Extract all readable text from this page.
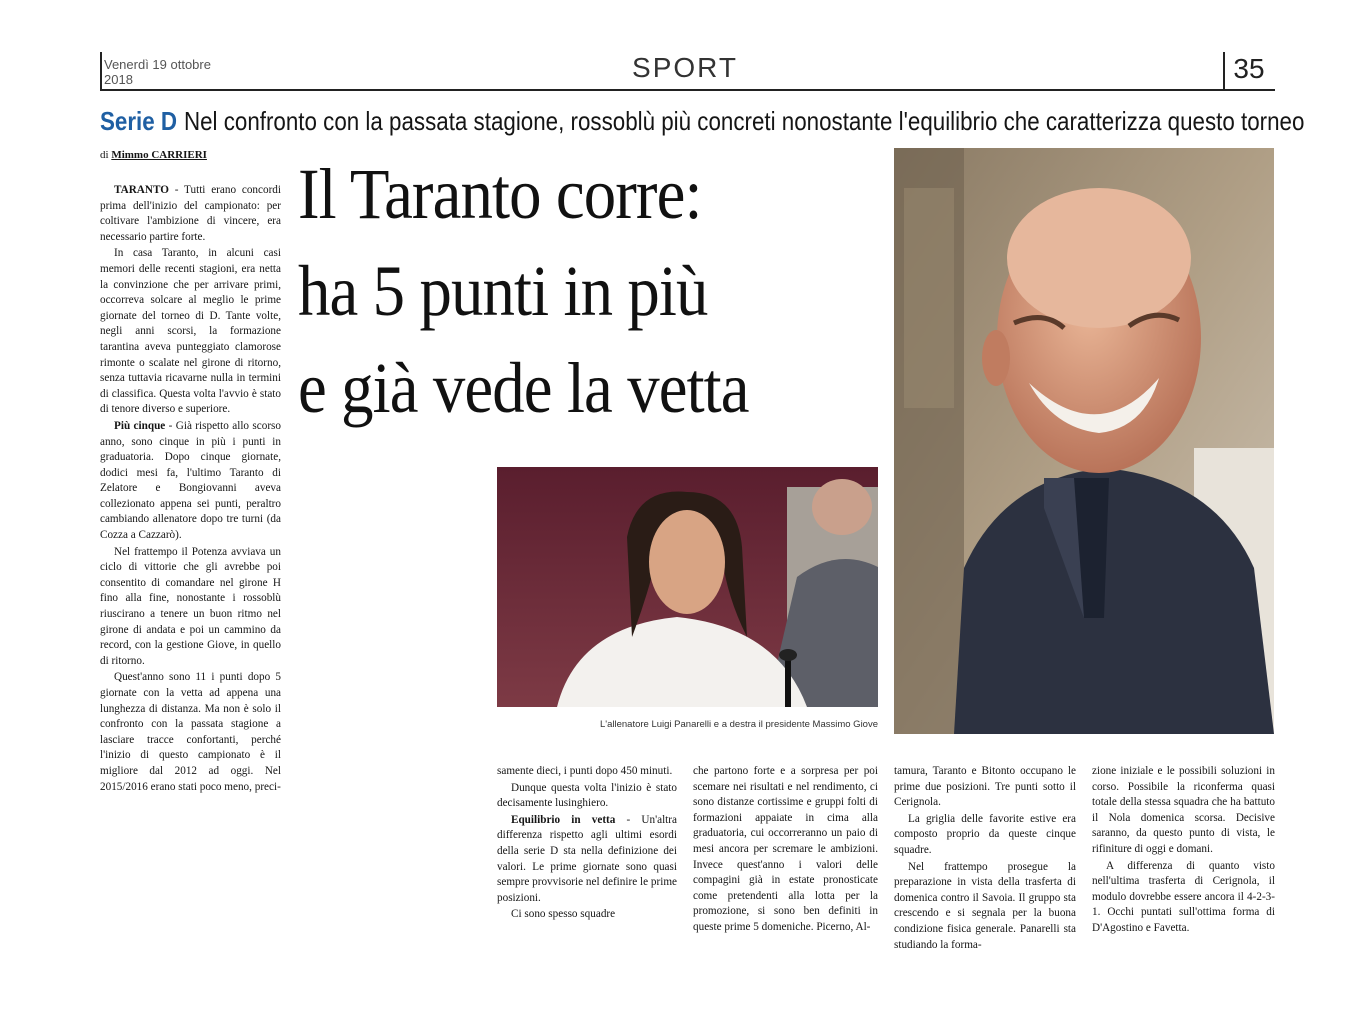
Venerdì 19 ottobre
2018	SPORT	35
Serie D Nel confronto con la passata stagione, rossoblù più concreti nonostante l'equilibrio che caratterizza questo torneo
di Mimmo CARRIERI Il Taranto corre:
ha 5 punti in più
e già vede la vetta

TARANTO - Tutti erano concordi prima dell'inizio del campionato: per coltivare l'ambizione di vincere, era necessario partire forte.

In casa Taranto, in alcuni casi memori delle recenti stagioni, era netta la convinzione che per arrivare primi, occorreva solcare al meglio le prime giornate del torneo di D. Tante volte, negli anni scorsi, la formazione tarantina aveva punteggiato clamorose rimonte o scalate nel girone di ritorno, senza tuttavia ricavarne nulla in termini di classifica. Questa volta l'avvio è stato di tenore diverso e superiore.

Più cinque - Già rispetto allo scorso anno, sono cinque in più i punti in graduatoria. Dopo cinque giornate, dodici mesi fa, l'ultimo Taranto di Zelatore e Bongiovanni aveva collezionato appena sei punti, peraltro cambiando allenatore dopo tre turni (da Cozza a Cazzarò).

Nel frattempo il Potenza avviava un ciclo di vittorie che gli avrebbe poi consentito di comandare nel girone H fino alla fine, nonostante i rossoblù riuscirano a tenere un buon ritmo nel girone di andata e poi un cammino da record, con la gestione Giove, in quello di ritorno.

Quest'anno sono 11 i punti dopo 5 giornate con la vetta ad appena una lunghezza di distanza. Ma non è solo il confronto con la passata stagione a lasciare tracce confortanti, perché l'inizio di questo campionato è il migliore dal 2012 ad oggi. Nel 2015/2016 erano stati poco meno, preci-

L'allenatore Luigi Panarelli e a destra il presidente Massimo Giove

samente dieci, i punti dopo 450 minuti.

Dunque questa volta l'inizio è stato decisamente lusinghiero.

Equilibrio in vetta - Un'altra differenza rispetto agli ultimi esordi della serie D sta nella definizione dei valori. Le prime giornate sono quasi sempre provvisorie nel definire le prime posizioni.

Ci sono spesso squadre

che partono forte e a sorpresa per poi scemare nei risultati e nel rendimento, ci sono distanze cortissime e gruppi folti di formazioni appaiate in cima alla graduatoria, cui occorreranno un paio di mesi ancora per scremare le ambizioni. Invece quest'anno i valori delle compagini già in estate pronosticate come pretendenti alla lotta per la promozione, si sono ben definiti in queste prime 5 domeniche. Picerno, Al-

tamura, Taranto e Bitonto occupano le prime due posizioni. Tre punti sotto il Cerignola.

La griglia delle favorite estive era composto proprio da queste cinque squadre.

Nel frattempo prosegue la preparazione in vista della trasferta di domenica contro il Savoia. Il gruppo sta crescendo e si segnala per la buona condizione fisica generale. Panarelli sta studiando la forma-

zione iniziale e le possibili soluzioni in corso. Possibile la riconferma quasi totale della stessa squadra che ha battuto il Nola domenica scorsa. Decisive saranno, da questo punto di vista, le rifiniture di oggi e domani.

A differenza di quanto visto nell'ultima trasferta di Cerignola, il modulo dovrebbe essere ancora il 4-2-3-1. Occhi puntati sull'ottima forma di D'Agostino e Favetta.
